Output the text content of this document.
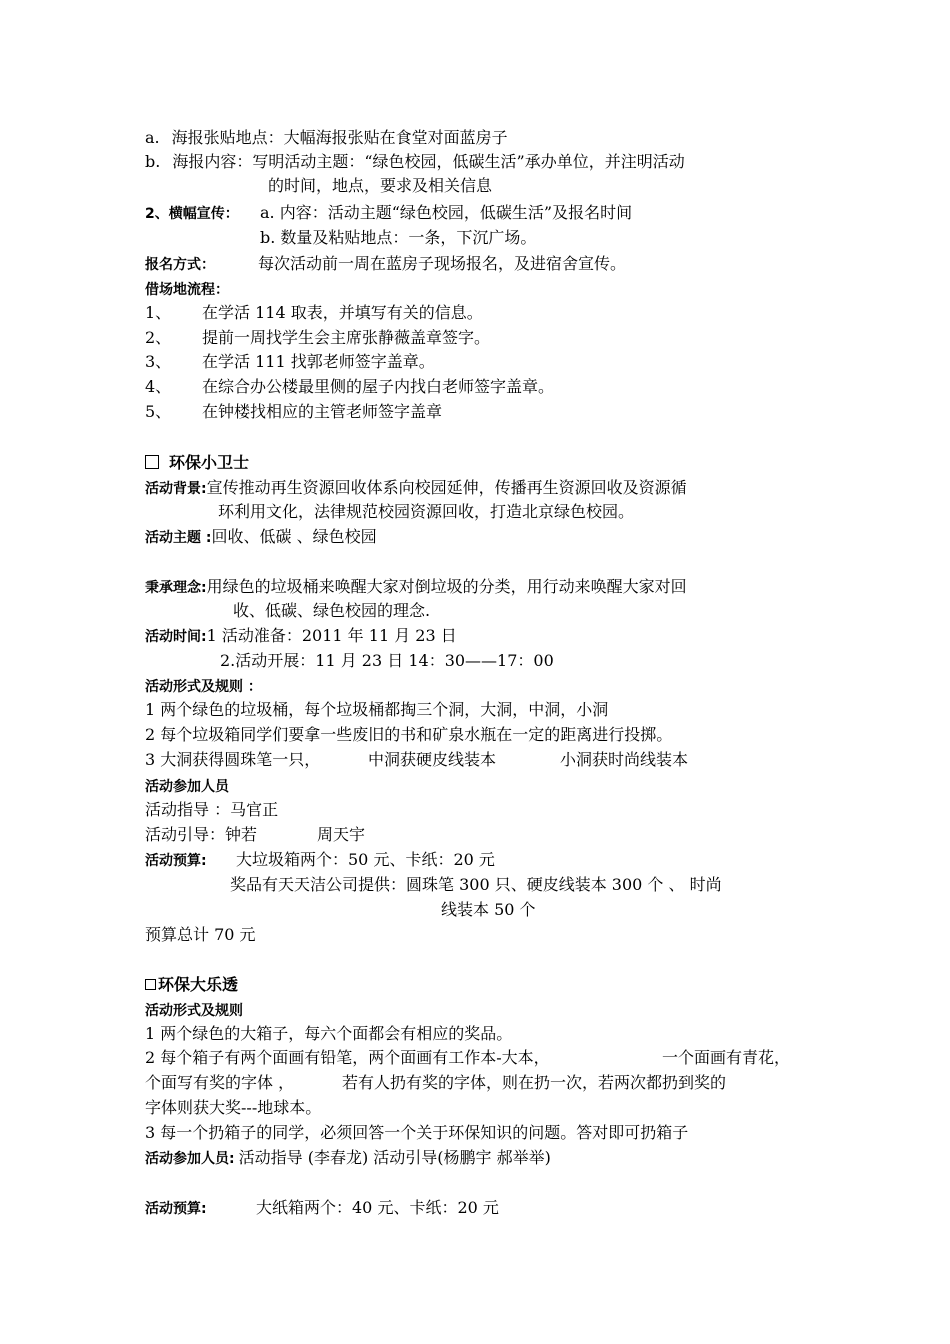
a. 海报张贴地点：大幅海报张贴在食堂对面蓝房子
b. 海报内容：写明活动主题：“绿色校园，低碳生活”承办单位，并注明活动
的时间，地点，要求及相关信息
2、横幅宣传： a. 内容：活动主题“绿色校园，低碳生活”及报名时间
b. 数量及粘贴地点：一条，下沉广场。
报名方式：	每次活动前一周在蓝房子现场报名，及进宿舍宣传。
借场地流程：
1、 在学活 114 取表，并填写有关的信息。
2、 提前一周找学生会主席张静薇盖章签字。
3、 在学活 111 找郭老师签字盖章。
4、 在综合办公楼最里侧的屋子内找白老师签字盖章。
5、 在钟楼找相应的主管老师签字盖章
环保小卫士
活动背景:宣传推动再生资源回收体系向校园延伸，传播再生资源回收及资源循
环利用文化，法律规范校园资源回收，打造北京绿色校园。
活动主题 :回收、低碳 、绿色校园
秉承理念:用绿色的垃圾桶来唤醒大家对倒垃圾的分类，用行动来唤醒大家对回
收、低碳、绿色校园的理念.
活动时间:1 活动准备：2011 年 11 月 23 日
2.活动开展：11 月 23 日 14：30——17：00
活动形式及规则 ：
1 两个绿色的垃圾桶，每个垃圾桶都掏三个洞，大洞，中洞，小洞
2 每个垃圾箱同学们要拿一些废旧的书和矿泉水瓶在一定的距离进行投掷。
3 大洞获得圆珠笔一只，	中洞获硬皮线装本	小洞获时尚线装本
活动参加人员
活动指导 ：马官正
活动引导：钟若	周天宇
活动预算: 大垃圾箱两个：50 元、卡纸：20 元
奖品有天天洁公司提供：圆珠笔 300 只、硬皮线装本 300 个 、 时尚
线装本 50 个
预算总计 70 元
环保大乐透
活动形式及规则
1 两个绿色的大箱子，每六个面都会有相应的奖品。
2 每个箱子有两个面画有铅笔，两个面画有工作本-大本，	一个面画有青花，
个面写有奖的字体 ，	若有人扔有奖的字体，则在扔一次，若两次都扔到奖的
字体则获大奖---地球本。
3 每一个扔箱子的同学，必须回答一个关于环保知识的问题。答对即可扔箱子
活动参加人员: 活动指导 (李春龙) 活动引导(杨鹏宇 郝举举)
活动预算:	大纸箱两个：40 元、卡纸：20 元
